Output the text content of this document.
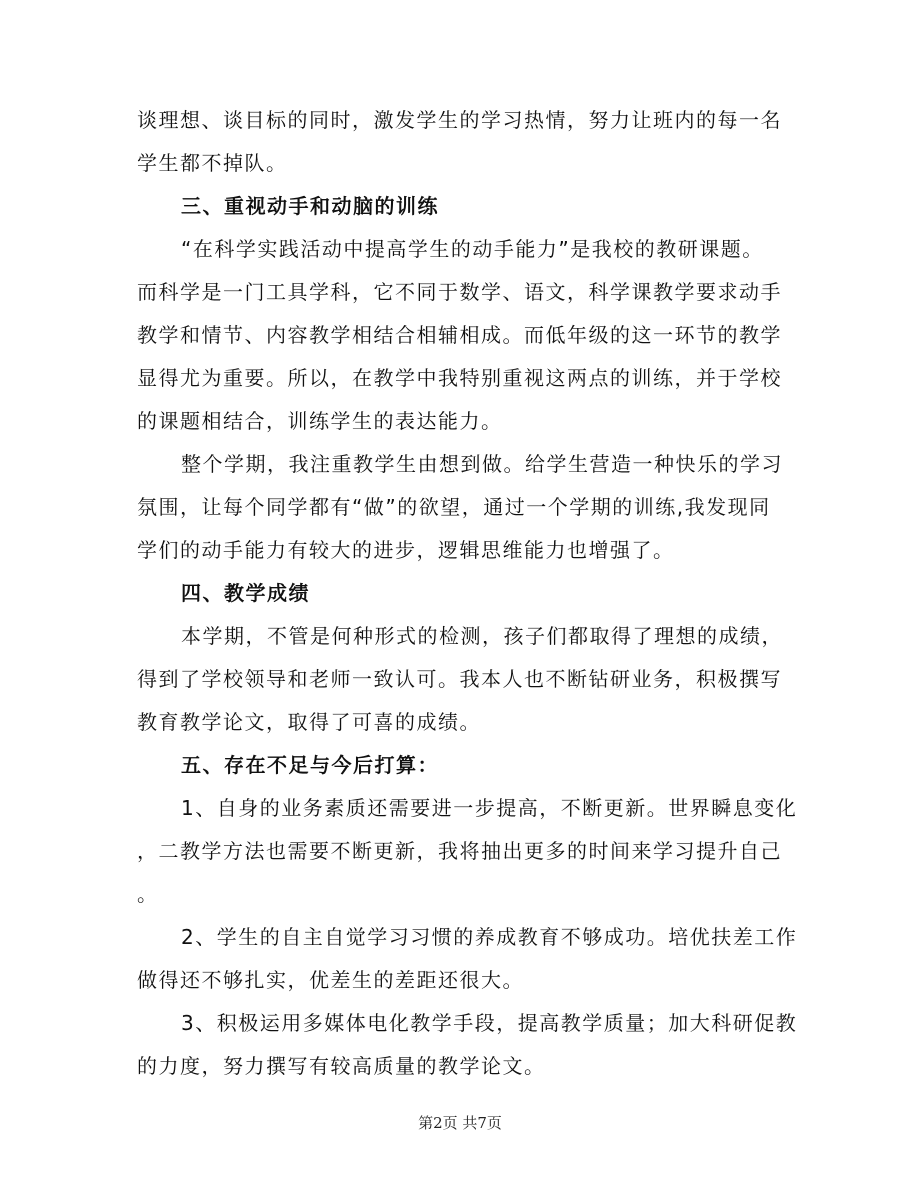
谈理想、谈目标的同时，激发学生的学习热情，努力让班内的每一名
学生都不掉队。
三、重视动手和动脑的训练
“在科学实践活动中提高学生的动手能力”是我校的教研课题。
而科学是一门工具学科，它不同于数学、语文，科学课教学要求动手
教学和情节、内容教学相结合相辅相成。而低年级的这一环节的教学
显得尤为重要。所以，在教学中我特别重视这两点的训练，并于学校
的课题相结合，训练学生的表达能力。
整个学期，我注重教学生由想到做。给学生营造一种快乐的学习
氛围，让每个同学都有“做”的欲望，通过一个学期的训练,我发现同
学们的动手能力有较大的进步，逻辑思维能力也增强了。
四、教学成绩
本学期，不管是何种形式的检测，孩子们都取得了理想的成绩，
得到了学校领导和老师一致认可。我本人也不断钻研业务，积极撰写
教育教学论文，取得了可喜的成绩。
五、存在不足与今后打算：
1、自身的业务素质还需要进一步提高，不断更新。世界瞬息变化
，二教学方法也需要不断更新，我将抽出更多的时间来学习提升自己
。
2、学生的自主自觉学习习惯的养成教育不够成功。培优扶差工作
做得还不够扎实，优差生的差距还很大。
3、积极运用多媒体电化教学手段，提高教学质量；加大科研促教
的力度，努力撰写有较高质量的教学论文。
第2页 共7页
